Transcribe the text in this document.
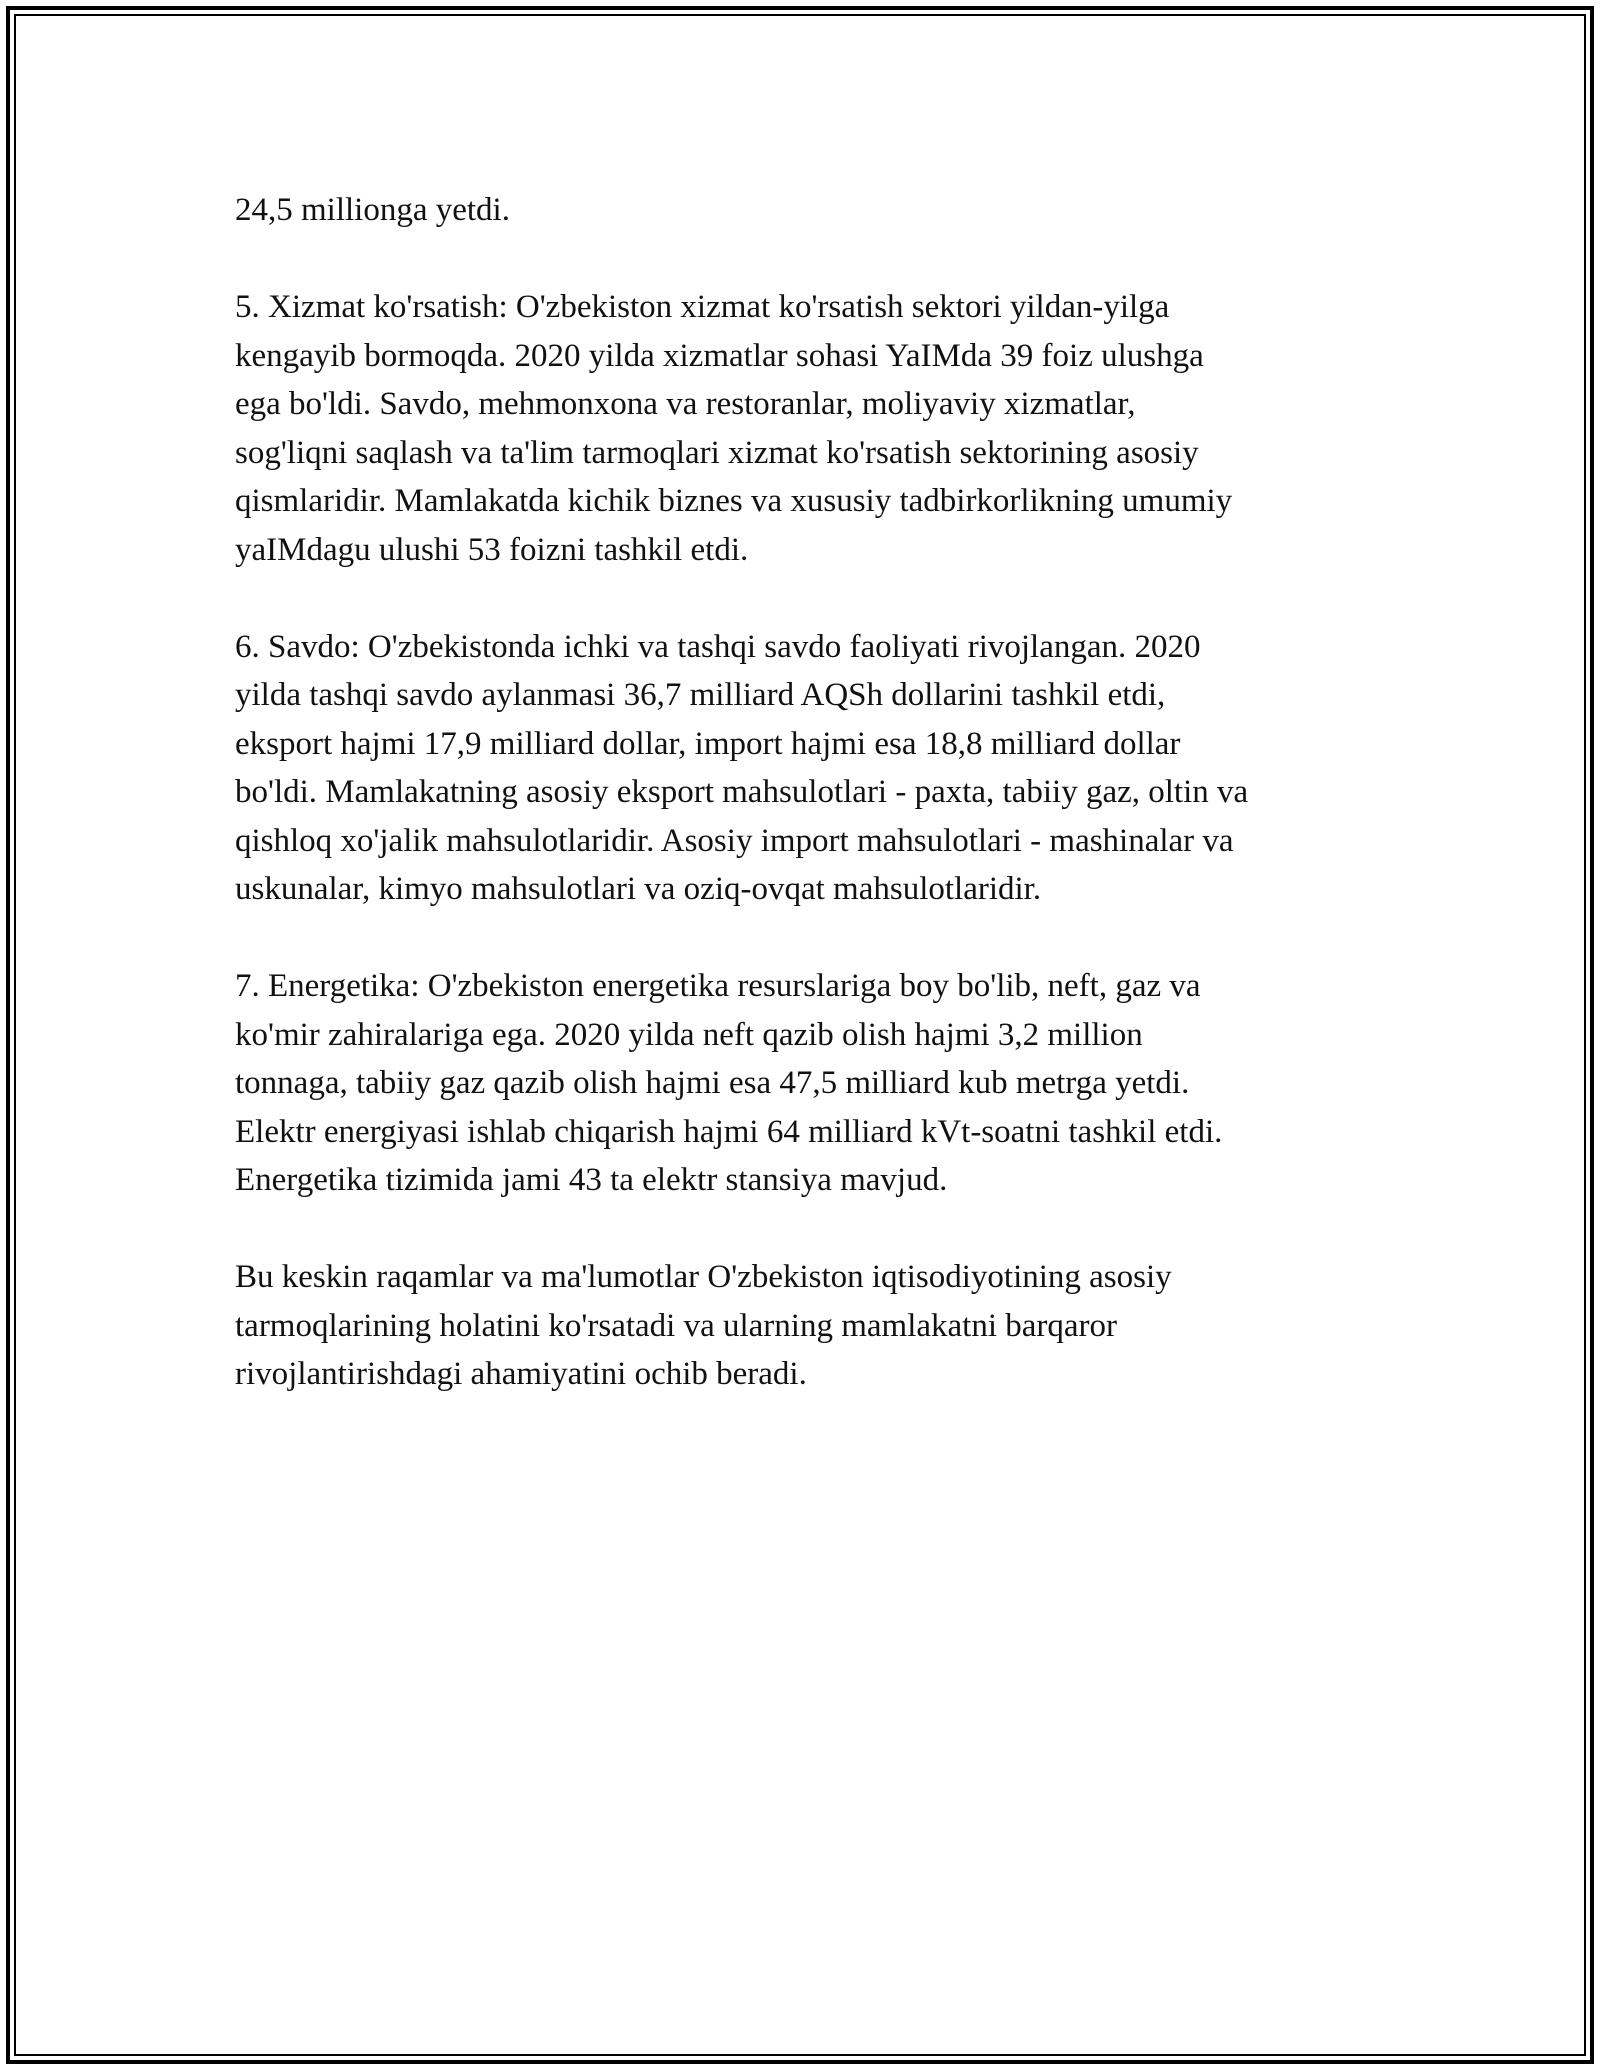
24,5 millionga yetdi.

5. Xizmat ko'rsatish: O'zbekiston xizmat ko'rsatish sektori yildan-yilga
kengayib bormoqda. 2020 yilda xizmatlar sohasi YaIMda 39 foiz ulushga
ega bo'ldi. Savdo, mehmonxona va restoranlar, moliyaviy xizmatlar,
sog'liqni saqlash va ta'lim tarmoqlari xizmat ko'rsatish sektorining asosiy
qismlaridir. Mamlakatda kichik biznes va xususiy tadbirkorlikning umumiy
yaIMdagu ulushi 53 foizni tashkil etdi.

6. Savdo: O'zbekistonda ichki va tashqi savdo faoliyati rivojlangan. 2020
yilda tashqi savdo aylanmasi 36,7 milliard AQSh dollarini tashkil etdi,
eksport hajmi 17,9 milliard dollar, import hajmi esa 18,8 milliard dollar
bo'ldi. Mamlakatning asosiy eksport mahsulotlari - paxta, tabiiy gaz, oltin va
qishloq xo'jalik mahsulotlaridir. Asosiy import mahsulotlari - mashinalar va
uskunalar, kimyo mahsulotlari va oziq-ovqat mahsulotlaridir.

7. Energetika: O'zbekiston energetika resurslariga boy bo'lib, neft, gaz va
ko'mir zahiralariga ega. 2020 yilda neft qazib olish hajmi 3,2 million
tonnaga, tabiiy gaz qazib olish hajmi esa 47,5 milliard kub metrga yetdi.
Elektr energiyasi ishlab chiqarish hajmi 64 milliard kVt-soatni tashkil etdi.
Energetika tizimida jami 43 ta elektr stansiya mavjud.

Bu keskin raqamlar va ma'lumotlar O'zbekiston iqtisodiyotining asosiy
tarmoqlarining holatini ko'rsatadi va ularning mamlakatni barqaror
rivojlantirishdagi ahamiyatini ochib beradi.
